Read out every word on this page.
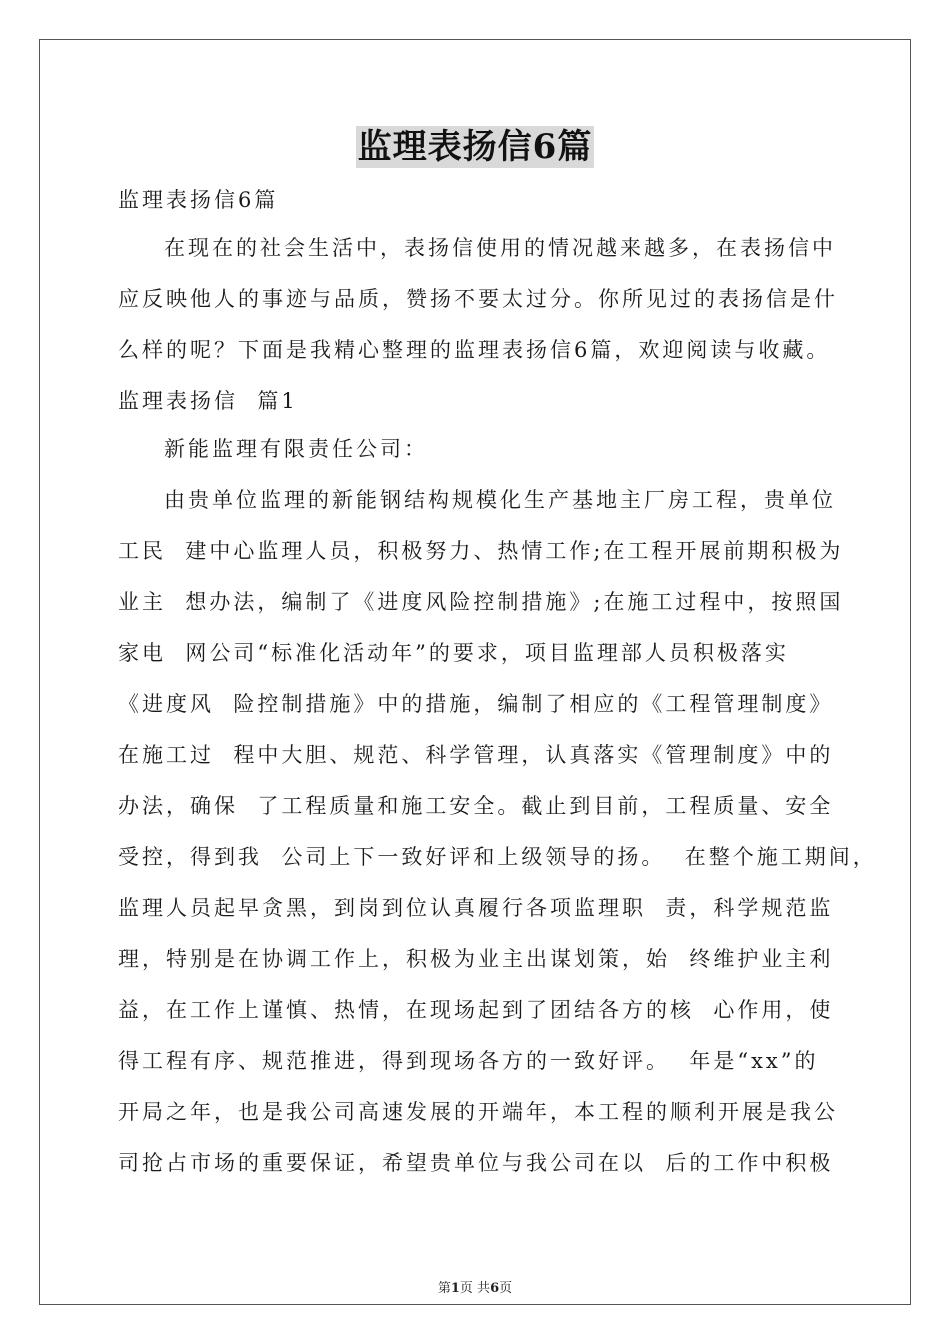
监理表扬信6篇
监理表扬信6篇
在现在的社会生活中，表扬信使用的情况越来越多，在表扬信中
应反映他人的事迹与品质，赞扬不要太过分。你所见过的表扬信是什
么样的呢？下面是我精心整理的监理表扬信6篇，欢迎阅读与收藏。
监理表扬信  篇1
新能监理有限责任公司：
由贵单位监理的新能钢结构规模化生产基地主厂房工程，贵单位
工民  建中心监理人员，积极努力、热情工作;在工程开展前期积极为
业主  想办法，编制了《进度风险控制措施》;在施工过程中，按照国
家电  网公司“标准化活动年”的要求，项目监理部人员积极落实
《进度风  险控制措施》中的措施，编制了相应的《工程管理制度》
在施工过  程中大胆、规范、科学管理，认真落实《管理制度》中的
办法，确保  了工程质量和施工安全。截止到目前，工程质量、安全
受控，得到我  公司上下一致好评和上级领导的扬。  在整个施工期间，
监理人员起早贪黑，到岗到位认真履行各项监理职  责，科学规范监
理，特别是在协调工作上，积极为业主出谋划策，始  终维护业主利
益，在工作上谨慎、热情，在现场起到了团结各方的核  心作用，使
得工程有序、规范推进，得到现场各方的一致好评。  年是“xx”的
开局之年，也是我公司高速发展的开端年，本工程的顺利开展是我公
司抢占市场的重要保证，希望贵单位与我公司在以  后的工作中积极
第1页 共6页
